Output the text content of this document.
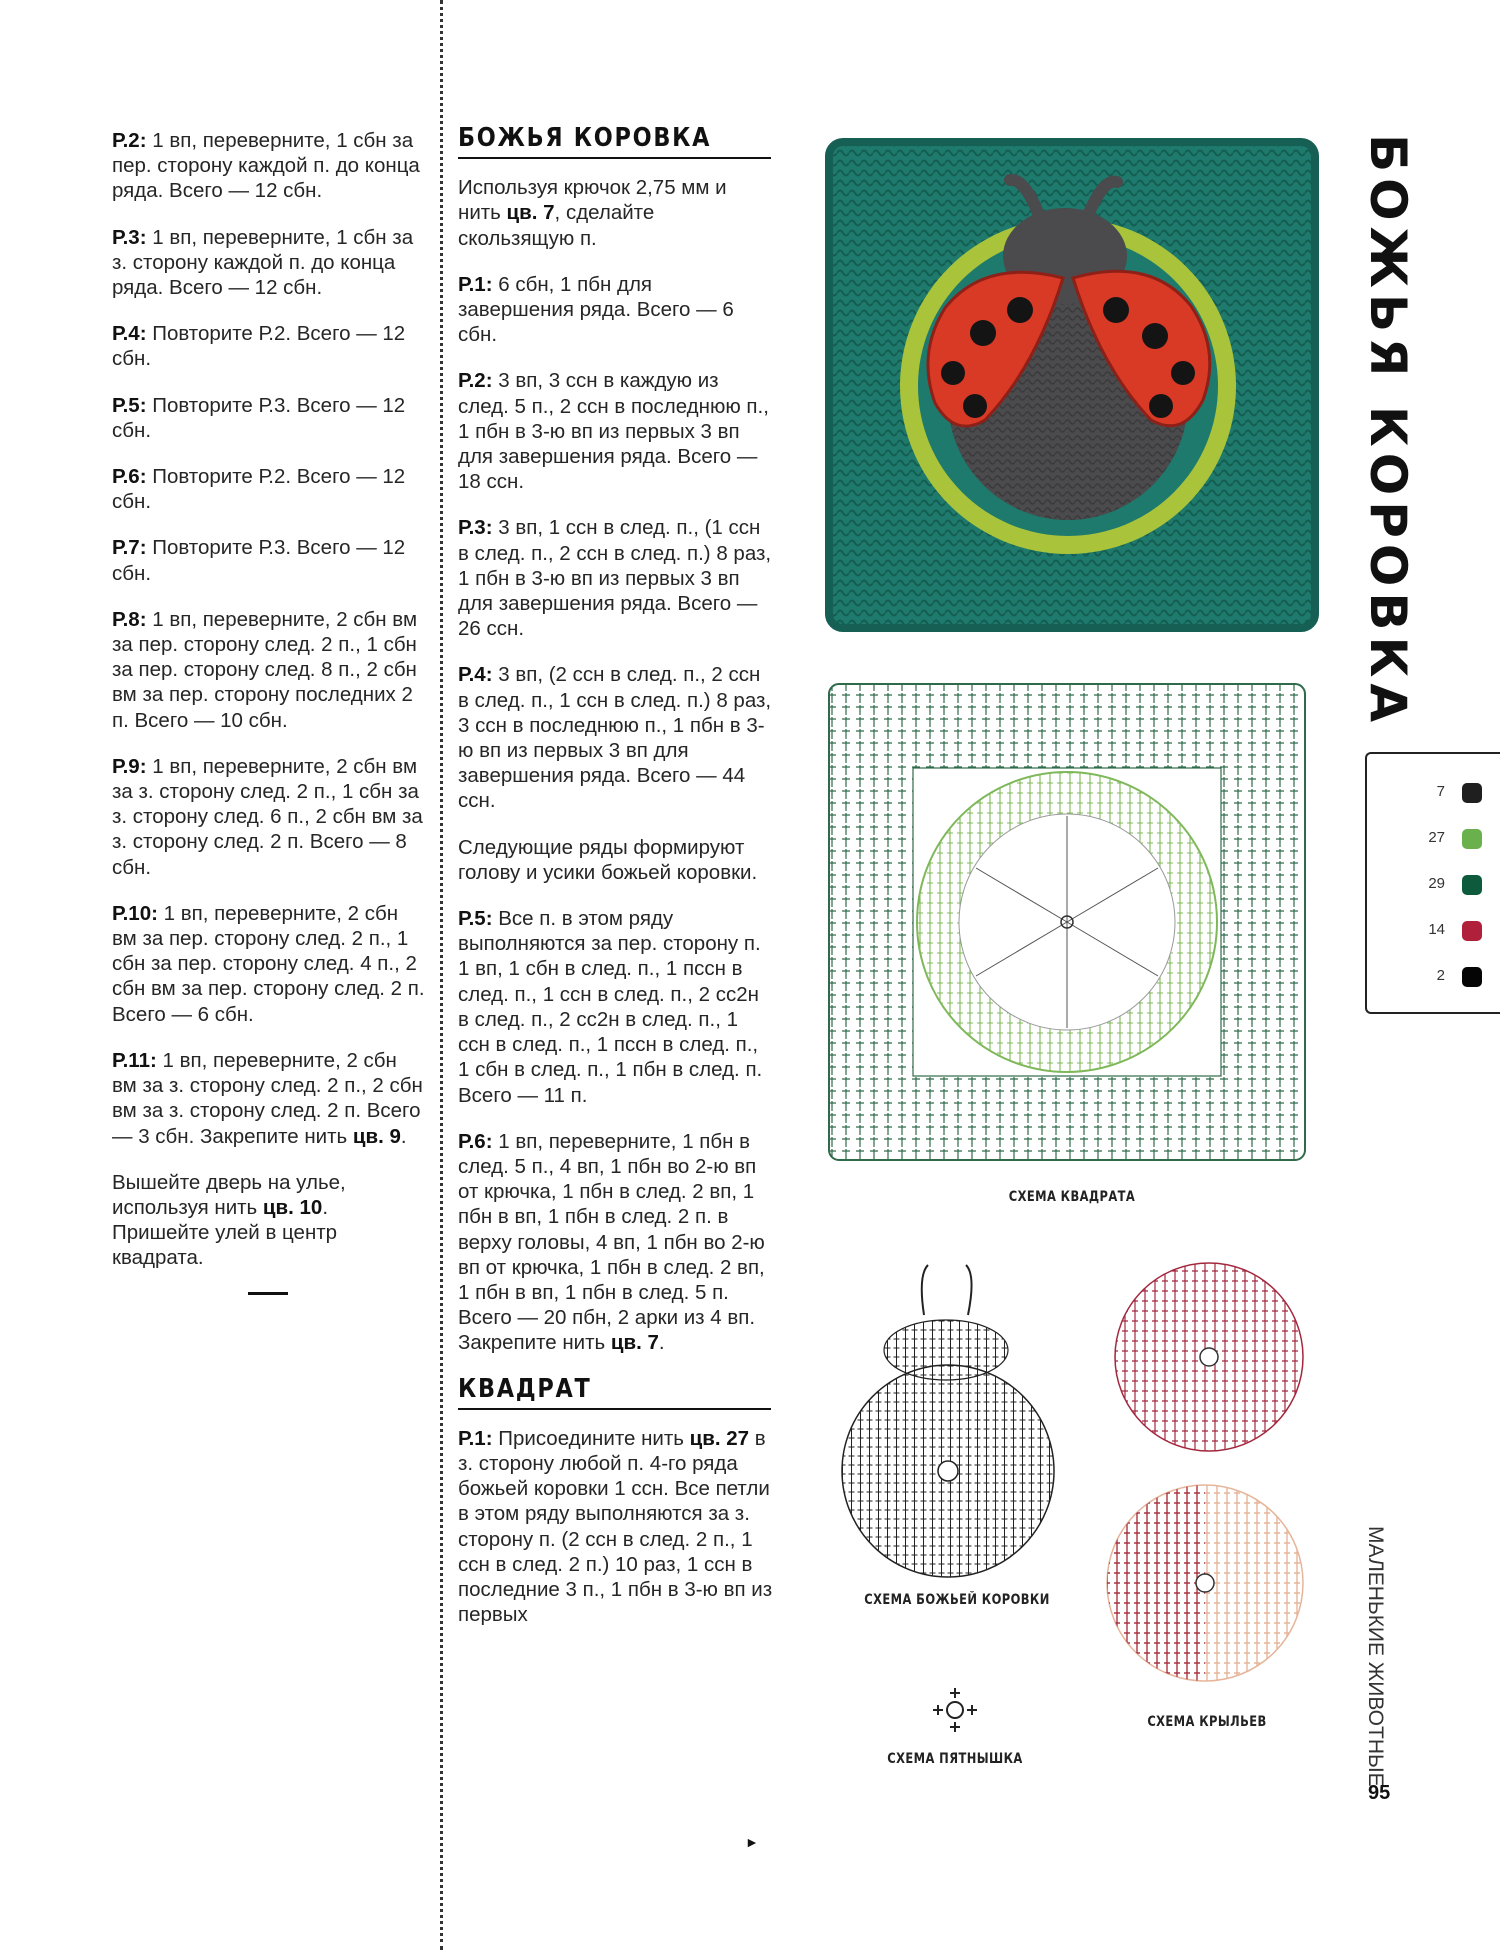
Р.2: 1 вп, переверните, 1 сбн за пер. сторону каждой п. до конца ряда. Всего — 12 сбн.
Р.3: 1 вп, переверните, 1 сбн за з. сторону каждой п. до конца ряда. Всего — 12 сбн.
Р.4: Повторите Р.2. Всего — 12 сбн.
Р.5: Повторите Р.3. Всего — 12 сбн.
Р.6: Повторите Р.2. Всего — 12 сбн.
Р.7: Повторите Р.3. Всего — 12 сбн.
Р.8: 1 вп, переверните, 2 сбн вм за пер. сторону след. 2 п., 1 сбн за пер. сторону след. 8 п., 2 сбн вм за пер. сторону последних 2 п. Всего — 10 сбн.
Р.9: 1 вп, переверните, 2 сбн вм за з. сторону след. 2 п., 1 сбн за з. сторону след. 6 п., 2 сбн вм за з. сторону след. 2 п. Всего — 8 сбн.
Р.10: 1 вп, переверните, 2 сбн вм за пер. сторону след. 2 п., 1 сбн за пер. сторону след. 4 п., 2 сбн вм за пер. сторону след. 2 п. Всего — 6 сбн.
Р.11: 1 вп, переверните, 2 сбн вм за з. сторону след. 2 п., 2 сбн вм за з. сторону след. 2 п. Всего — 3 сбн. Закрепите нить цв. 9.
Вышейте дверь на улье, используя нить цв. 10. Пришейте улей в центр квадрата.
БОЖЬЯ КОРОВКА
Используя крючок 2,75 мм и нить цв. 7, сделайте скользящую п.
Р.1: 6 сбн, 1 пбн для завершения ряда. Всего — 6 сбн.
Р.2: 3 вп, 3 ссн в каждую из след. 5 п., 2 ссн в последнюю п., 1 пбн в 3-ю вп из первых 3 вп для завершения ряда. Всего — 18 ссн.
Р.3: 3 вп, 1 ссн в след. п., (1 ссн в след. п., 2 ссн в след. п.) 8 раз, 1 пбн в 3-ю вп из первых 3 вп для завершения ряда. Всего — 26 ссн.
Р.4: 3 вп, (2 ссн в след. п., 2 ссн в след. п., 1 ссн в след. п.) 8 раз, 3 ссн в последнюю п., 1 пбн в 3-ю вп из первых 3 вп для завершения ряда. Всего — 44 ссн.
Следующие ряды формируют голову и усики божьей коровки.
Р.5: Все п. в этом ряду выполняются за пер. сторону п. 1 вп, 1 сбн в след. п., 1 пссн в след. п., 1 ссн в след. п., 2 сс2н в след. п., 2 сс2н в след. п., 1 ссн в след. п., 1 пссн в след. п., 1 сбн в след. п., 1 пбн в след. п. Всего — 11 п.
Р.6: 1 вп, переверните, 1 пбн в след. 5 п., 4 вп, 1 пбн во 2-ю вп от крючка, 1 пбн в след. 2 вп, 1 пбн в вп, 1 пбн в след. 2 п. в верху головы, 4 вп, 1 пбн во 2-ю вп от крючка, 1 пбн в след. 2 вп, 1 пбн в вп, 1 пбн в след. 5 п. Всего — 20 пбн, 2 арки из 4 вп. Закрепите нить цв. 7.
КВАДРАТ
Р.1: Присоедините нить цв. 27 в з. сторону любой п. 4-го ряда божьей коровки 1 ссн. Все петли в этом ряду выполняются за з. сторону п. (2 ссн в след. 2 п., 1 ссн в след. 2 п.) 10 раз, 1 ссн в последние 3 п., 1 пбн в 3-ю вп из первых
►
СХЕМА КВАДРАТА
СХЕМА БОЖЬЕЙ КОРОВКИ
СХЕМА КРЫЛЬЕВ
СХЕМА ПЯТНЫШКА
7
27
29
14
2
БОЖЬЯ КОРОВКА
МАЛЕНЬКИЕ ЖИВОТНЫЕ
95
